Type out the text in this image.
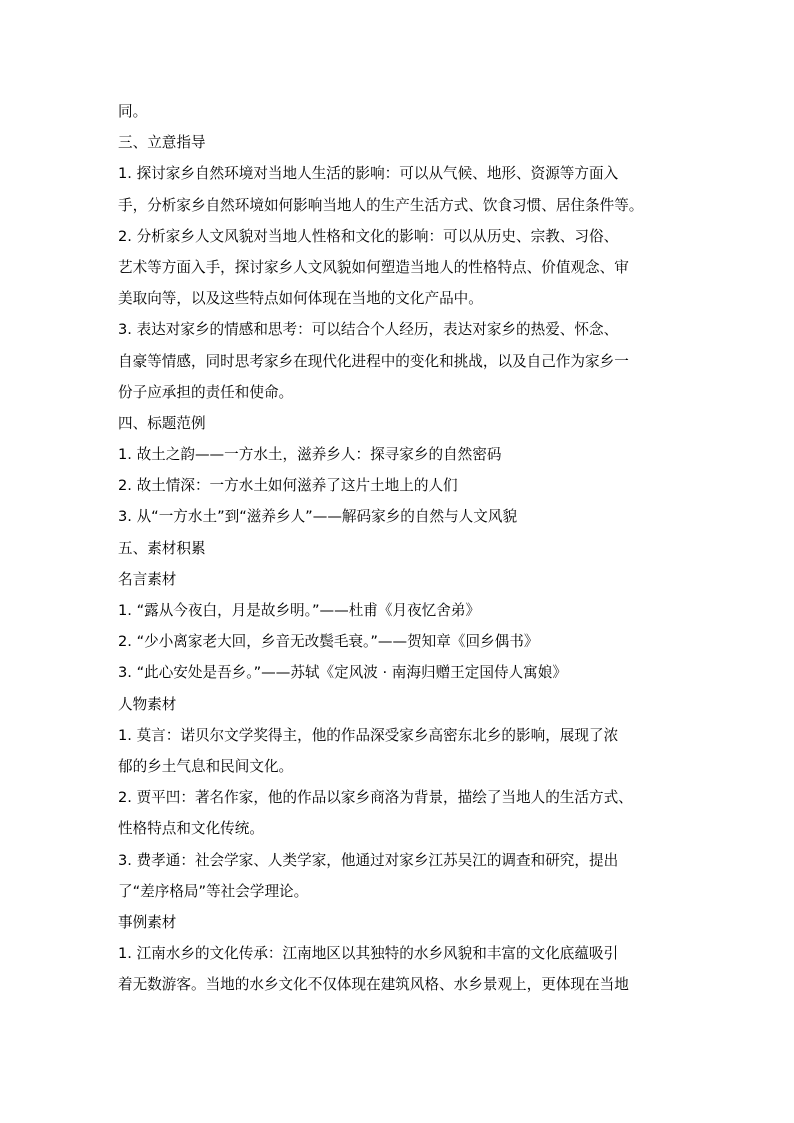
同。
三、立意指导
1. 探讨家乡自然环境对当地人生活的影响：可以从气候、地形、资源等方面入
手，分析家乡自然环境如何影响当地人的生产生活方式、饮食习惯、居住条件等。
2. 分析家乡人文风貌对当地人性格和文化的影响：可以从历史、宗教、习俗、
艺术等方面入手，探讨家乡人文风貌如何塑造当地人的性格特点、价值观念、审
美取向等，以及这些特点如何体现在当地的文化产品中。
3. 表达对家乡的情感和思考：可以结合个人经历，表达对家乡的热爱、怀念、
自豪等情感，同时思考家乡在现代化进程中的变化和挑战，以及自己作为家乡一
份子应承担的责任和使命。
四、标题范例
1. 故土之韵——一方水土，滋养乡人：探寻家乡的自然密码
2. 故土情深：一方水土如何滋养了这片土地上的人们
3. 从“一方水土”到“滋养乡人”——解码家乡的自然与人文风貌
五、素材积累
名言素材
1. “露从今夜白，月是故乡明。”——杜甫《月夜忆舍弟》
2. “少小离家老大回，乡音无改鬓毛衰。”——贺知章《回乡偶书》
3. “此心安处是吾乡。”——苏轼《定风波 · 南海归赠王定国侍人寓娘》
人物素材
1. 莫言：诺贝尔文学奖得主，他的作品深受家乡高密东北乡的影响，展现了浓
郁的乡土气息和民间文化。
2. 贾平凹：著名作家，他的作品以家乡商洛为背景，描绘了当地人的生活方式、
性格特点和文化传统。
3. 费孝通：社会学家、人类学家，他通过对家乡江苏吴江的调查和研究，提出
了“差序格局”等社会学理论。
事例素材
1. 江南水乡的文化传承：江南地区以其独特的水乡风貌和丰富的文化底蕴吸引
着无数游客。当地的水乡文化不仅体现在建筑风格、水乡景观上，更体现在当地
